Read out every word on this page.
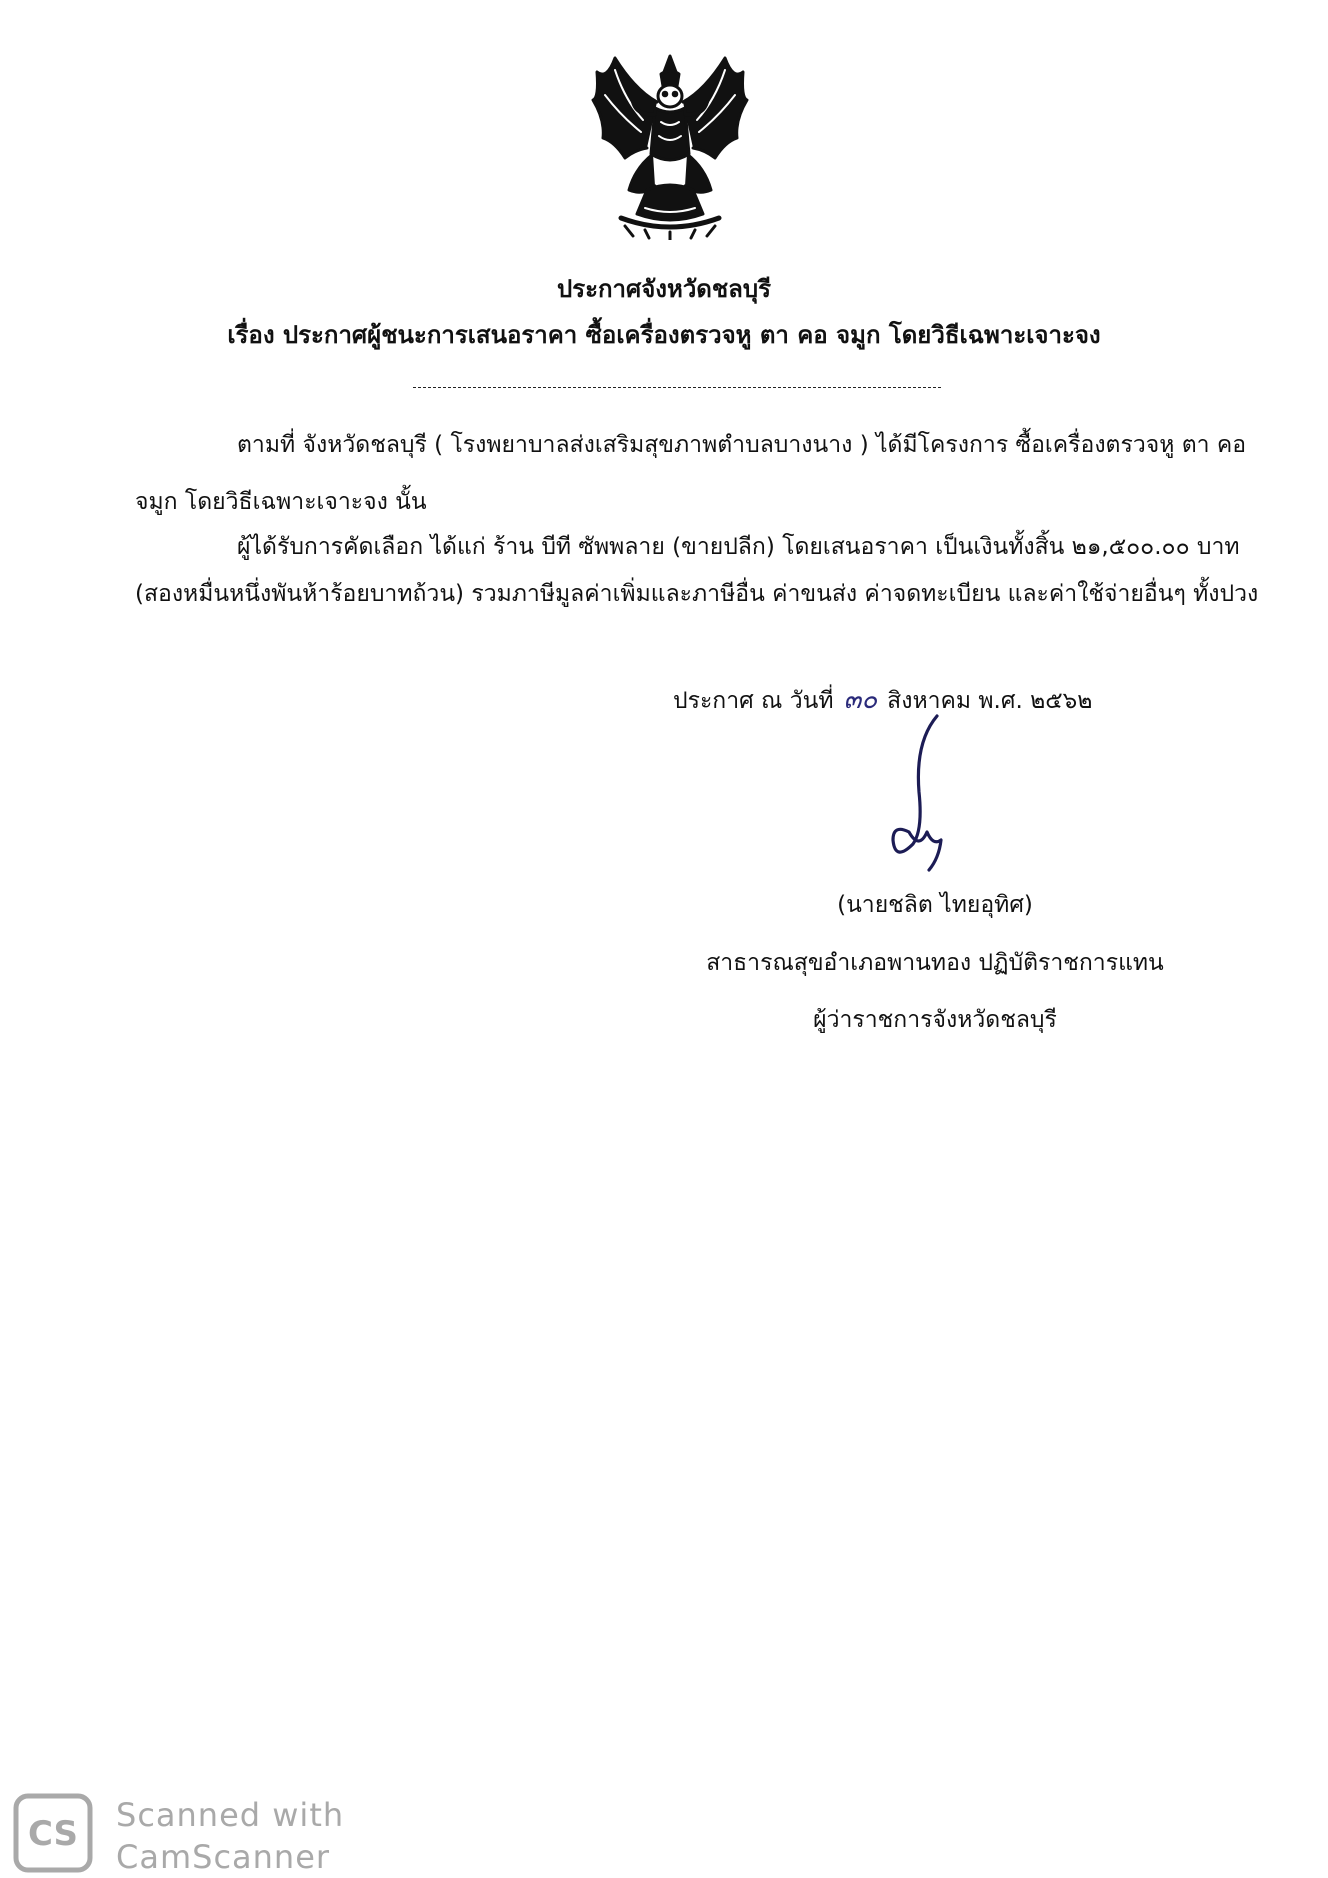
ประกาศจังหวัดชลบุรี
เรื่อง ประกาศผู้ชนะการเสนอราคา ซื้อเครื่องตรวจหู ตา คอ จมูก โดยวิธีเฉพาะเจาะจง
ตามที่ จังหวัดชลบุรี ( โรงพยาบาลส่งเสริมสุขภาพตำบลบางนาง ) ได้มีโครงการ ซื้อเครื่องตรวจหู ตา คอ
จมูก โดยวิธีเฉพาะเจาะจง นั้น
ผู้ได้รับการคัดเลือก ได้แก่ ร้าน บีที ซัพพลาย (ขายปลีก) โดยเสนอราคา เป็นเงินทั้งสิ้น ๒๑,๕๐๐.๐๐ บาท
(สองหมื่นหนึ่งพันห้าร้อยบาทถ้วน) รวมภาษีมูลค่าเพิ่มและภาษีอื่น ค่าขนส่ง ค่าจดทะเบียน และค่าใช้จ่ายอื่นๆ ทั้งปวง
ประกาศ ณ วันที่ ๓๐ สิงหาคม พ.ศ. ๒๕๖๒
(นายชลิต ไทยอุทิศ)
สาธารณสุขอำเภอพานทอง ปฏิบัติราชการแทน
ผู้ว่าราชการจังหวัดชลบุรี
CS Scanned with
CamScanner
